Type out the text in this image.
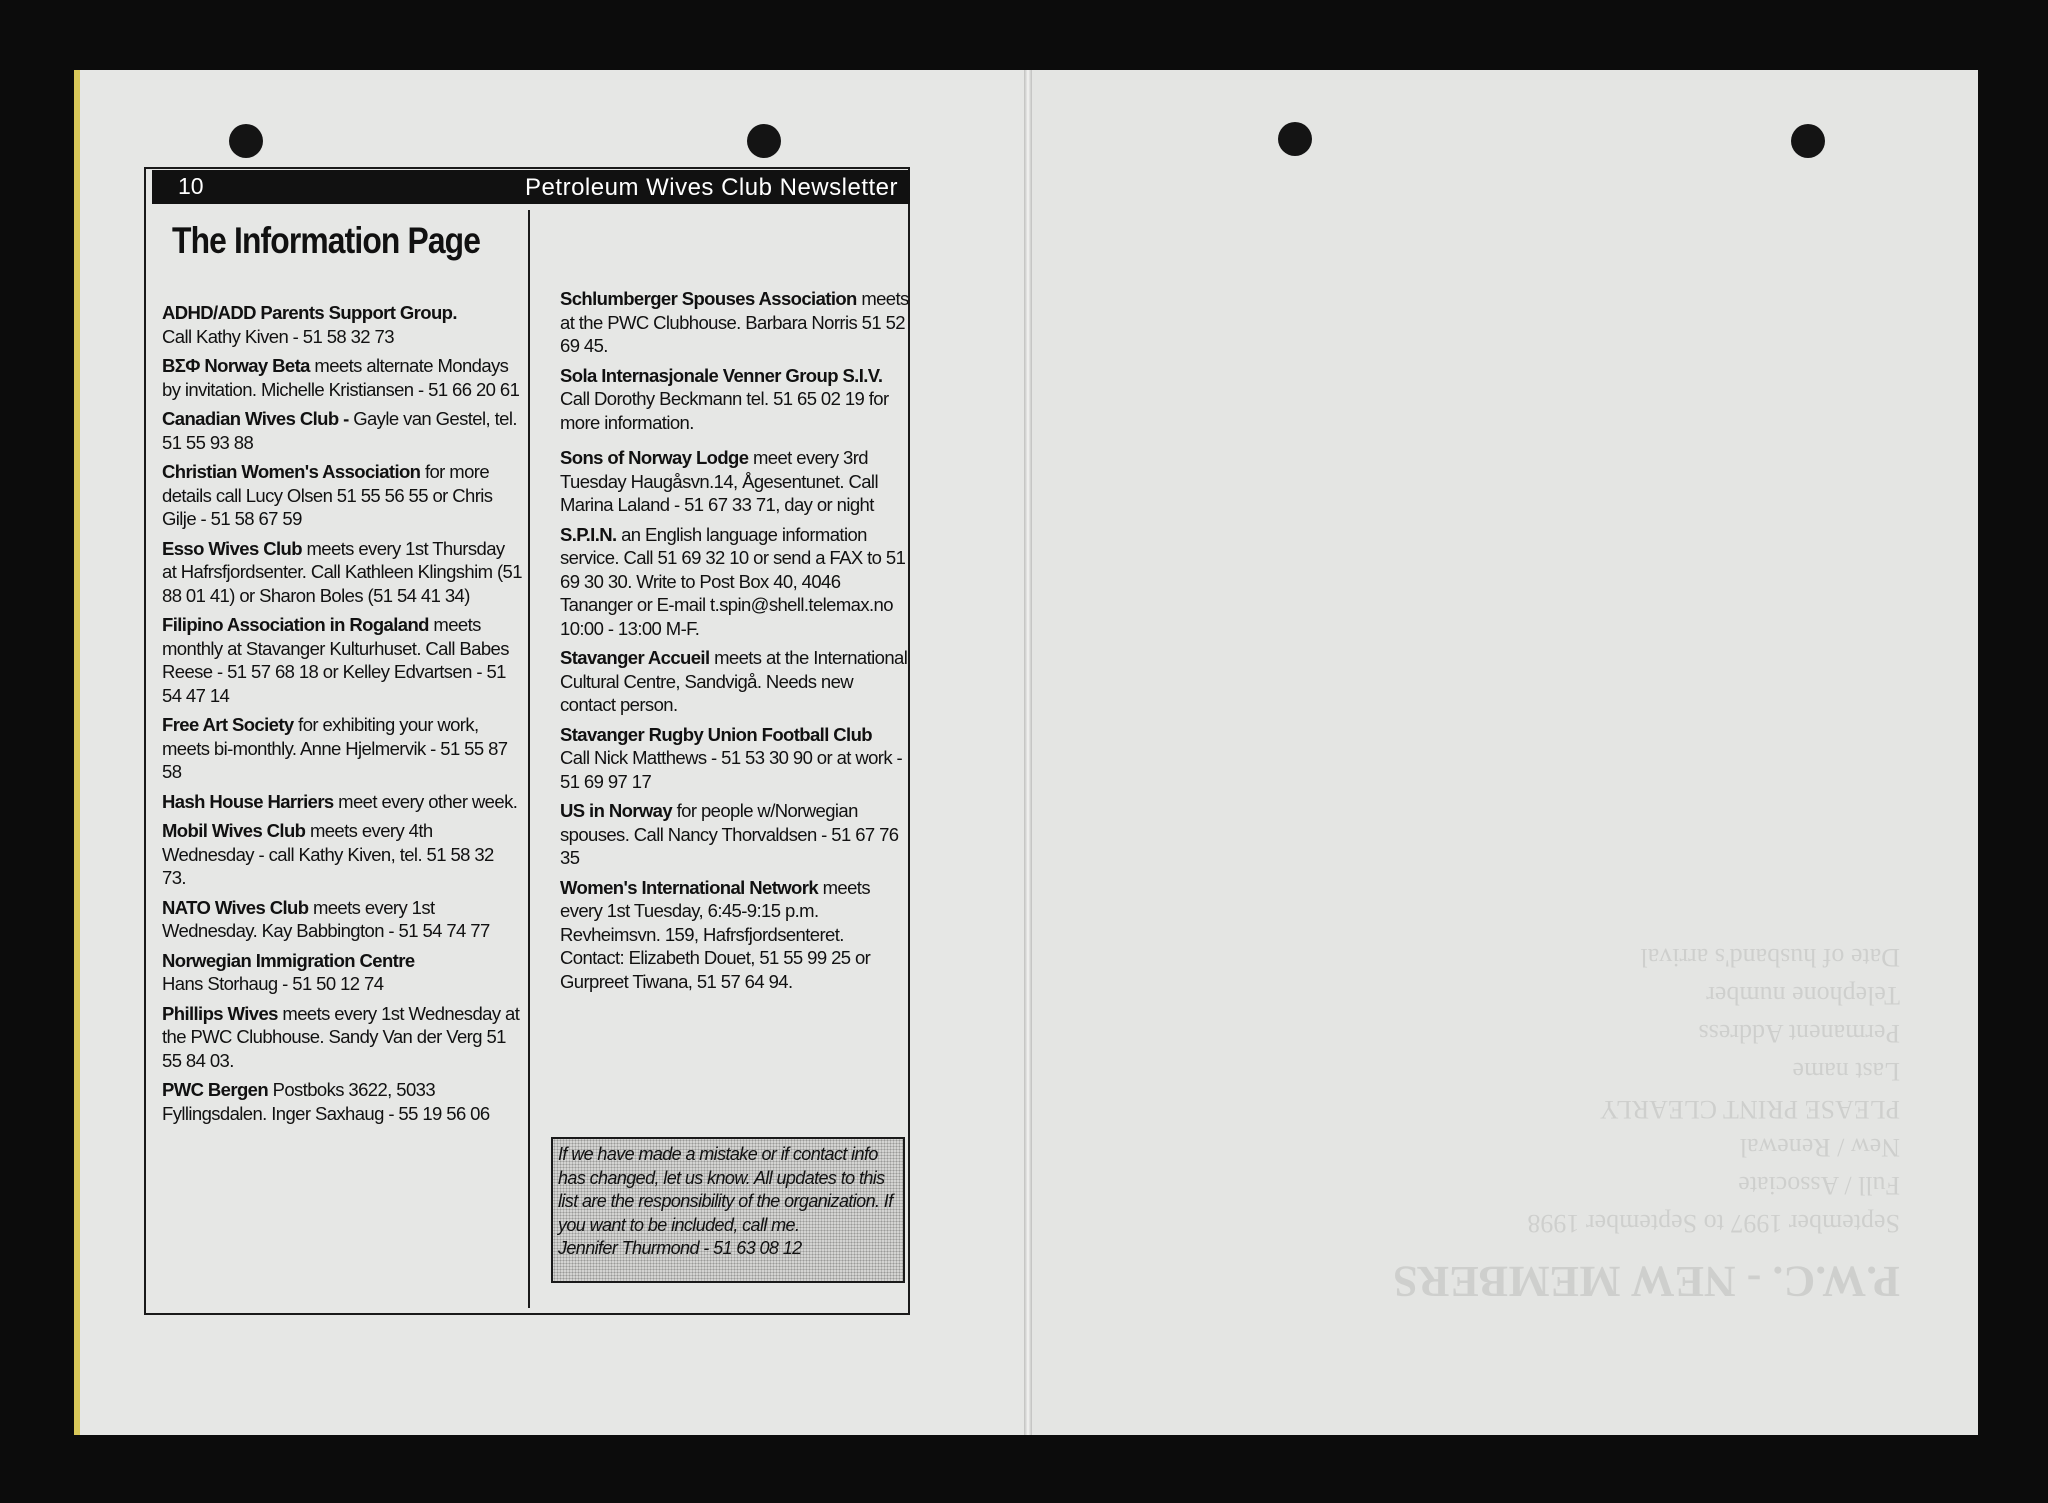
P.W.C. - NEW MEMBERS
September 1997 to September 1998
Full / Associate
New / Renewal
PLEASE PRINT CLEARLY
Last name
Permanent Address
Telephone number
Date of husband's arrival
10	Petroleum Wives Club Newsletter
The Information Page
ADHD/ADD Parents Support Group.
Call Kathy Kiven - 51 58 32 73
ΒΣΦ Norway Beta meets alternate Mondays by invitation. Michelle Kristiansen - 51 66 20 61
Canadian Wives Club - Gayle van Gestel, tel. 51 55 93 88
Christian Women's Association for more details call Lucy Olsen 51 55 56 55 or Chris Gilje - 51 58 67 59
Esso Wives Club meets every 1st Thursday at Hafrsfjordsenter. Call Kathleen Klingshim (51 88 01 41) or Sharon Boles (51 54 41 34)
Filipino Association in Rogaland meets monthly at Stavanger Kulturhuset. Call Babes Reese - 51 57 68 18 or Kelley Edvartsen - 51 54 47 14
Free Art Society for exhibiting your work, meets bi-monthly. Anne Hjelmervik - 51 55 87 58
Hash House Harriers meet every other week.
Mobil Wives Club meets every 4th Wednesday - call Kathy Kiven, tel. 51 58 32 73.
NATO Wives Club meets every 1st Wednesday. Kay Babbington - 51 54 74 77
Norwegian Immigration Centre
Hans Storhaug - 51 50 12 74
Phillips Wives meets every 1st Wednesday at the PWC Clubhouse. Sandy Van der Verg 51 55 84 03.
PWC Bergen Postboks 3622, 5033 Fyllingsdalen. Inger Saxhaug - 55 19 56 06
Schlumberger Spouses Association meets at the PWC Clubhouse. Barbara Norris 51 52 69 45.
Sola Internasjonale Venner Group S.I.V. Call Dorothy Beckmann tel. 51 65 02 19 for more information.
Sons of Norway Lodge meet every 3rd Tuesday Haugåsvn.14, Ågesentunet. Call Marina Laland - 51 67 33 71, day or night
S.P.I.N. an English language information service. Call 51 69 32 10 or send a FAX to 51 69 30 30. Write to Post Box 40, 4046 Tananger or E-mail t.spin@shell.telemax.no 10:00 - 13:00 M-F.
Stavanger Accueil meets at the International Cultural Centre, Sandvigå. Needs new contact person.
Stavanger Rugby Union Football Club
Call Nick Matthews - 51 53 30 90 or at work - 51 69 97 17
US in Norway for people w/Norwegian spouses. Call Nancy Thorvaldsen - 51 67 76 35
Women's International Network meets every 1st Tuesday, 6:45-9:15 p.m. Revheimsvn. 159, Hafrsfjordsenteret. Contact: Elizabeth Douet, 51 55 99 25 or Gurpreet Tiwana, 51 57 64 94.
If we have made a mistake or if contact info has changed, let us know. All updates to this list are the responsibility of the organization. If you want to be included, call me.
Jennifer Thurmond - 51 63 08 12
